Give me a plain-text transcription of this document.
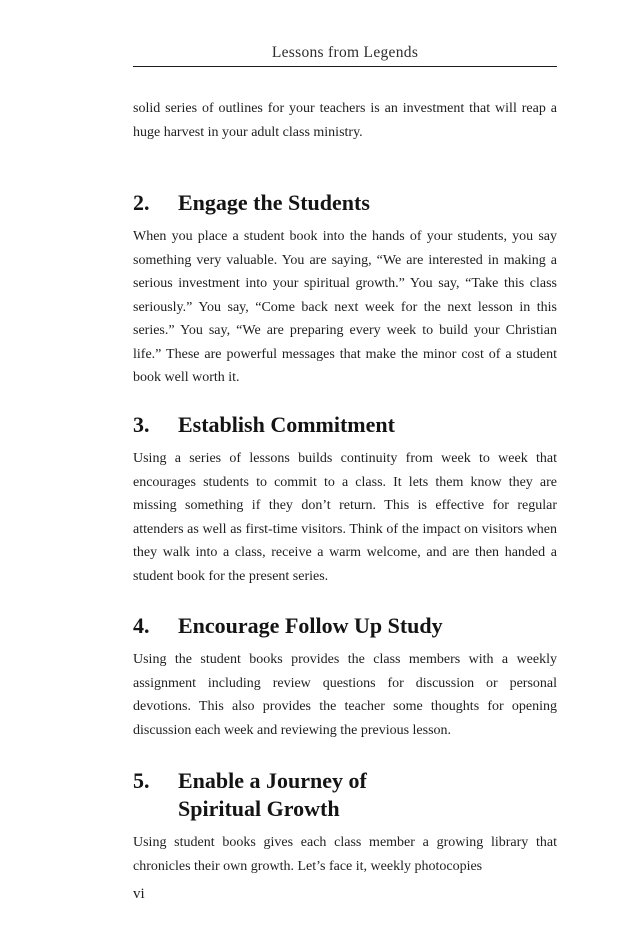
Lessons from Legends

solid series of outlines for your teachers is an investment that will reap a huge harvest in your adult class ministry.

2.	Engage the Students

When you place a student book into the hands of your students, you say something very valuable. You are saying, “We are interested in making a serious investment into your spiritual growth.” You say, “Take this class seriously.” You say, “Come back next week for the next lesson in this series.” You say, “We are preparing every week to build your Christian life.” These are powerful messages that make the minor cost of a student book well worth it.

3.	Establish Commitment

Using a series of lessons builds continuity from week to week that encourages students to commit to a class. It lets them know they are missing something if they don’t return. This is effective for regular attenders as well as first-time visitors. Think of the impact on visitors when they walk into a class, receive a warm welcome, and are then handed a student book for the present series.

4.	Encourage Follow Up Study

Using the student books provides the class members with a weekly assignment including review questions for discussion or personal devotions. This also provides the teacher some thoughts for opening discussion each week and reviewing the previous lesson.

5.	Enable a Journey of Spiritual Growth

Using student books gives each class member a growing library that chronicles their own growth. Let’s face it, weekly photocopies

vi
